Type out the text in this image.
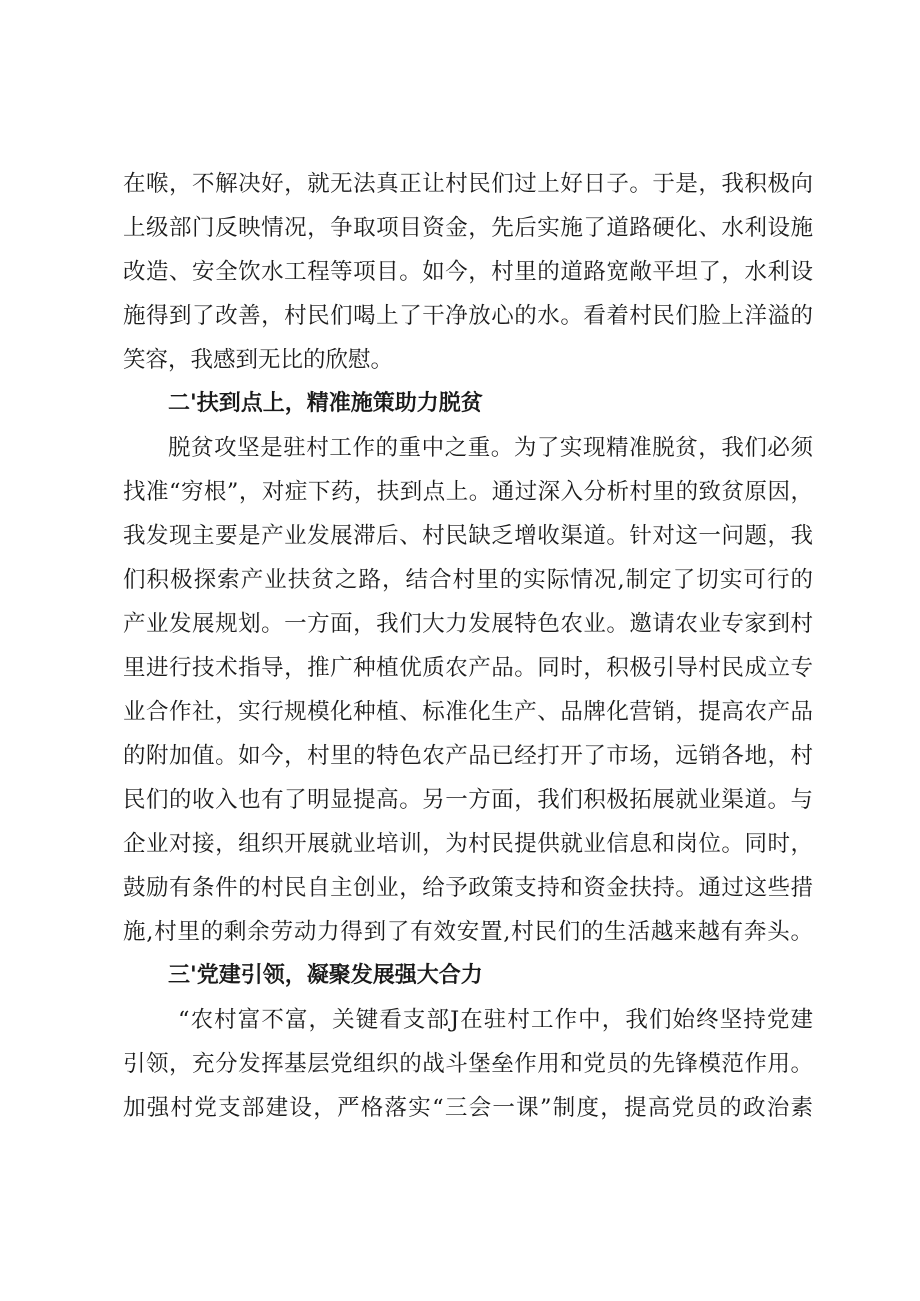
在喉，不解决好，就无法真正让村民们过上好日子。于是，我积极向
上级部门反映情况，争取项目资金，先后实施了道路硬化、水利设施
改造、安全饮水工程等项目。如今，村里的道路宽敞平坦了，水利设
施得到了改善，村民们喝上了干净放心的水。看着村民们脸上洋溢的
笑容，我感到无比的欣慰。
二'扶到点上，精准施策助力脱贫
脱贫攻坚是驻村工作的重中之重。为了实现精准脱贫，我们必须
找准“穷根”，对症下药，扶到点上。通过深入分析村里的致贫原因，
我发现主要是产业发展滞后、村民缺乏增收渠道。针对这一问题，我
们积极探索产业扶贫之路，结合村里的实际情况,制定了切实可行的
产业发展规划。一方面，我们大力发展特色农业。邀请农业专家到村
里进行技术指导，推广种植优质农产品。同时，积极引导村民成立专
业合作社，实行规模化种植、标准化生产、品牌化营销，提高农产品
的附加值。如今，村里的特色农产品已经打开了市场，远销各地，村
民们的收入也有了明显提高。另一方面，我们积极拓展就业渠道。与
企业对接，组织开展就业培训，为村民提供就业信息和岗位。同时，
鼓励有条件的村民自主创业，给予政策支持和资金扶持。通过这些措
施,村里的剩余劳动力得到了有效安置,村民们的生活越来越有奔头。
三'党建引领，凝聚发展强大合力
“农村富不富，关键看支部J在驻村工作中，我们始终坚持党建
引领，充分发挥基层党组织的战斗堡垒作用和党员的先锋模范作用。
加强村党支部建设，严格落实“三会一课”制度，提高党员的政治素
